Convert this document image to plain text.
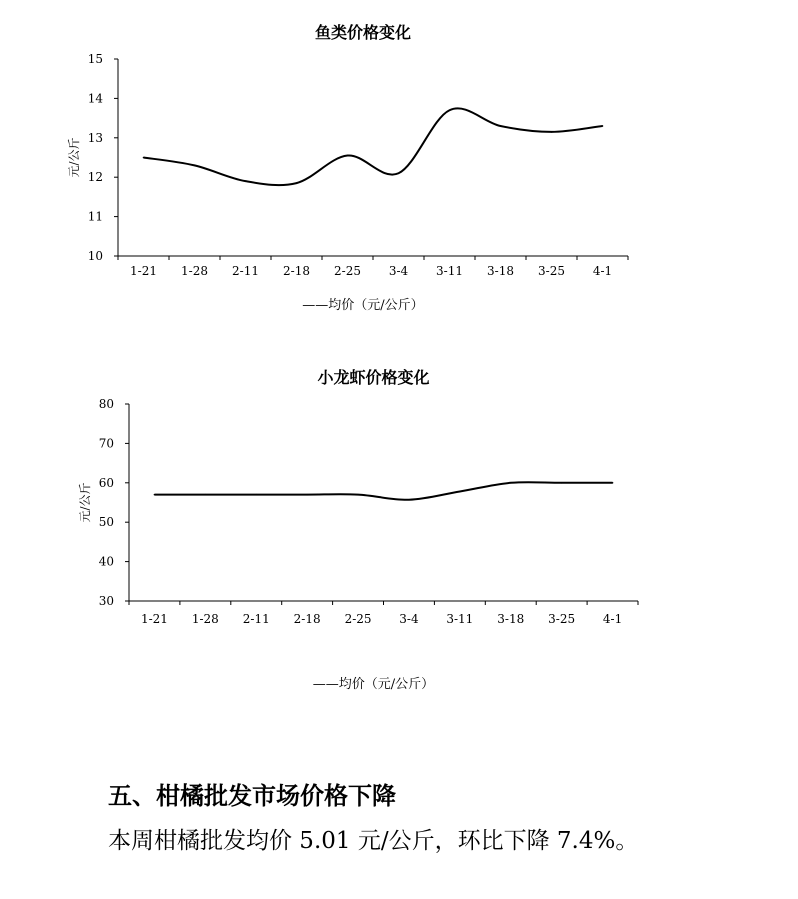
鱼类价格变化
10
11
12
13
14
15
1-21 1-28 2-11 2-18 2-25 3-4 3-11 3-18 3-25 4-1
元/公斤
——均价（元/公斤）
小龙虾价格变化
30
40
50
60
70
80
1-21 1-28 2-11 2-18 2-25 3-4 3-11 3-18 3-25 4-1
元/公斤
——均价（元/公斤）
五、柑橘批发市场价格下降

本周柑橘批发均价 5.01 元/公斤，环比下降 7.4%。
